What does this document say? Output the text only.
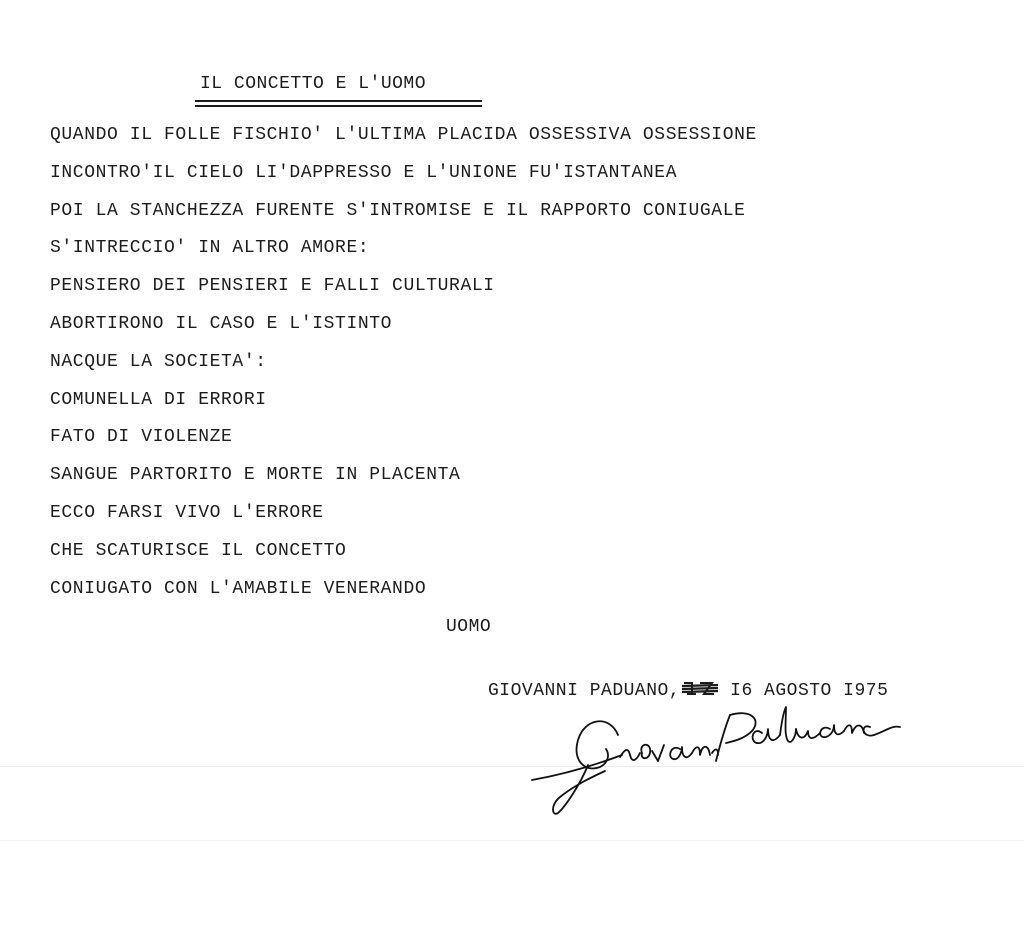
IL CONCETTO E L'UOMO
QUANDO IL FOLLE FISCHIO' L'ULTIMA PLACIDA OSSESSIVA OSSESSIONE
INCONTRO'IL CIELO LI'DAPPRESSO E L'UNIONE FU'ISTANTANEA
POI LA STANCHEZZA FURENTE S'INTROMISE E IL RAPPORTO CONIUGALE
S'INTRECCIO' IN ALTRO AMORE:
PENSIERO DEI PENSIERI E FALLI CULTURALI
ABORTIRONO IL CASO E L'ISTINTO
NACQUE LA SOCIETA':
COMUNELLA DI ERRORI
FATO DI VIOLENZE
SANGUE PARTORITO E MORTE IN PLACENTA
ECCO FARSI VIVO L'ERRORE
CHE SCATURISCE IL CONCETTO
CONIUGATO CON L'AMABILE VENERANDO
UOMO
GIOVANNI PADUANO,	I6 AGOSTO I975
